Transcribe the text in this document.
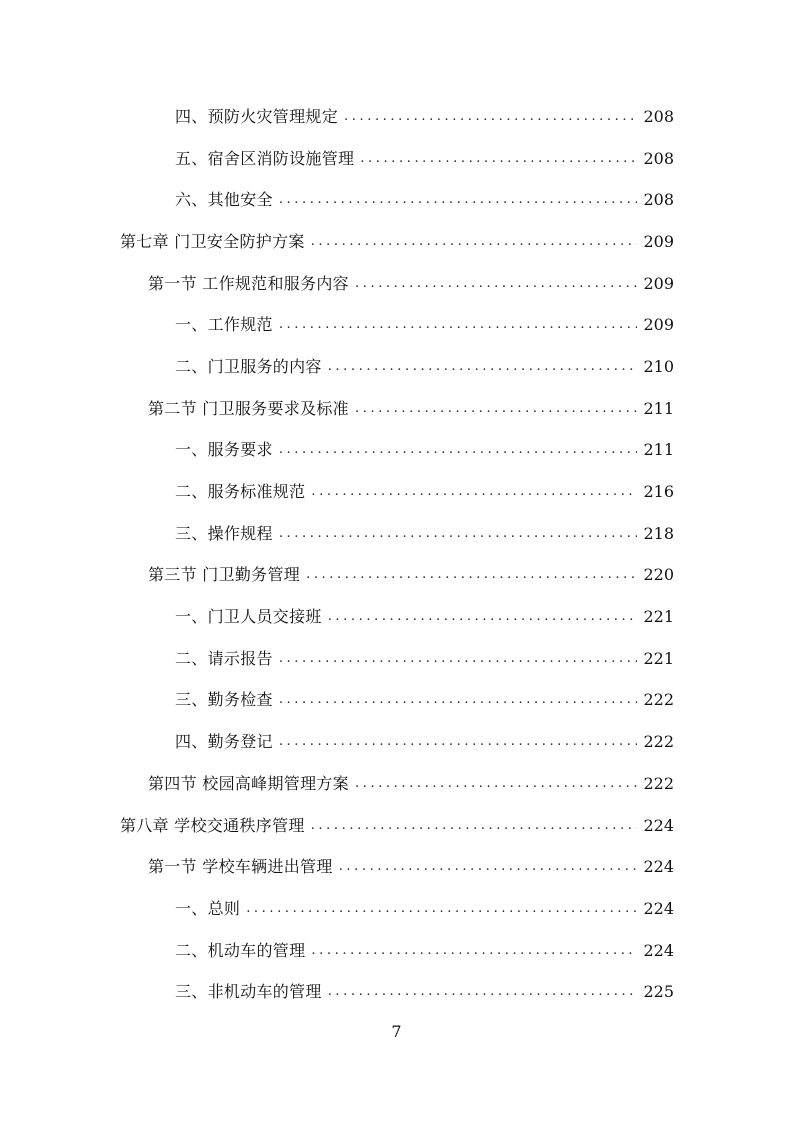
四、预防火灾管理规定 .....	208
五、宿舍区消防设施管理 .....	208
六、其他安全 .....	208
第七章 门卫安全防护方案 .....	209
第一节 工作规范和服务内容 .....	209
一、工作规范 .....	209
二、门卫服务的内容 .....	210
第二节 门卫服务要求及标准 .....	211
一、服务要求 .....	211
二、服务标准规范 .....	216
三、操作规程 .....	218
第三节 门卫勤务管理 .....	220
一、门卫人员交接班 .....	221
二、请示报告 .....	221
三、勤务检查 .....	222
四、勤务登记 .....	222
第四节 校园高峰期管理方案 .....	222
第八章 学校交通秩序管理 .....	224
第一节 学校车辆进出管理 .....	224
一、总则 .....	224
二、机动车的管理 .....	224
三、非机动车的管理 .....	225
7
